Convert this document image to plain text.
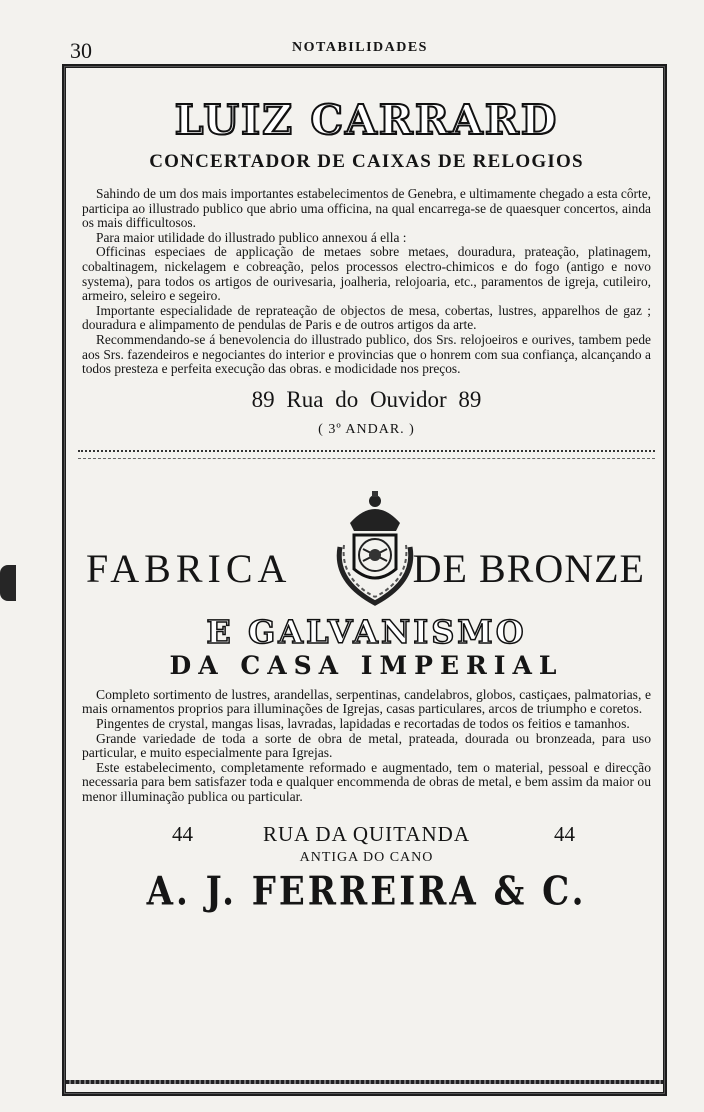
30	NOTABILIDADES
LUIZ CARRARD
CONCERTADOR DE CAIXAS DE RELOGIOS

Sahindo de um dos mais importantes estabelecimentos de Genebra, e ultimamente chegado a esta côrte, participa ao illustrado publico que abrio uma officina, na qual encarrega-se de quaesquer concertos, ainda os mais difficultosos.

Para maior utilidade do illustrado publico annexou á ella :

Officinas especiaes de applicação de metaes sobre metaes, douradura, prateação, platinagem, cobaltinagem, nickelagem e cobreação, pelos processos electro-chimicos e do fogo (antigo e novo systema), para todos os artigos de ourivesaria, joalheria, relojoaria, etc., paramentos de igreja, cutileiro, armeiro, seleiro e segeiro.

Importante especialidade de reprateação de objectos de mesa, cobertas, lustres, apparelhos de gaz ; douradura e alimpamento de pendulas de Paris e de outros artigos da arte.

Recommendando-se á benevolencia do illustrado publico, dos Srs. relojoeiros e ourives, tambem pede aos Srs. fazendeiros e negociantes do interior e provincias que o honrem com sua confiança, alcançando a todos presteza e perfeita execução das obras. e modicidade nos preços.

89 Rua do Ouvidor 89
( 3º ANDAR. )
FABRICA	DE BRONZE
E GALVANISMO
DA CASA IMPERIAL

Completo sortimento de lustres, arandellas, serpentinas, candelabros, globos, castiçaes, palmatorias, e mais ornamentos proprios para illuminações de Igrejas, casas particulares, arcos de triumpho e coretos.

Pingentes de crystal, mangas lisas, lavradas, lapidadas e recortadas de todos os feitios e tamanhos.

Grande variedade de toda a sorte de obra de metal, prateada, dourada ou bronzeada, para uso particular, e muito especialmente para Igrejas.

Este estabelecimento, completamente reformado e augmentado, tem o material, pessoal e direcção necessaria para bem satisfazer toda e qualquer encommenda de obras de metal, e bem assim da maior ou menor illuminação publica ou particular.

44	RUA DA QUITANDA	44
ANTIGA DO CANO
A. J. FERREIRA & C.
